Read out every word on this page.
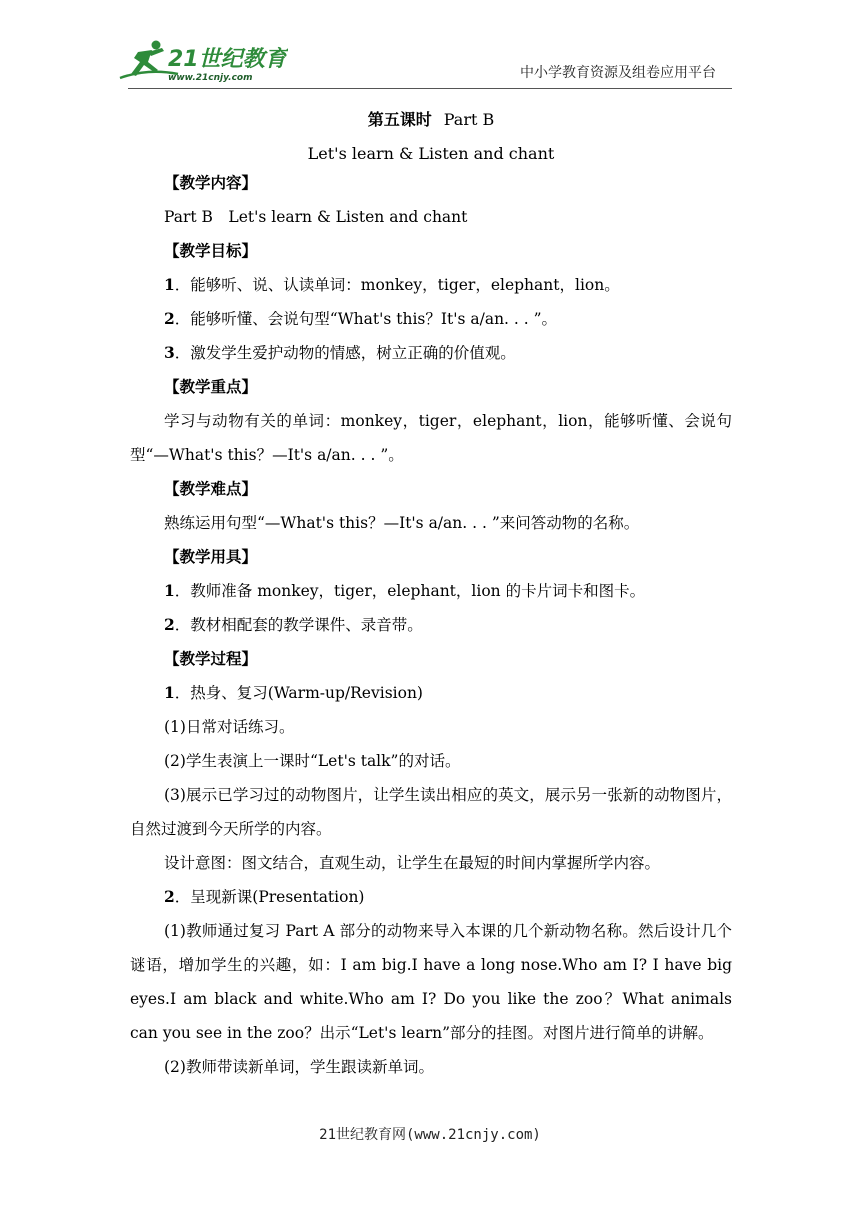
21世纪教育
www.21cnjy.com	中小学教育资源及组卷应用平台
第五课时 Part B
Let's learn & Listen and chant
【教学内容】
Part B　Let's learn & Listen and chant
【教学目标】
1．能够听、说、认读单词：monkey，tiger，elephant，lion。
2．能够听懂、会说句型“What's this？It's a/an. . . ”。
3．激发学生爱护动物的情感，树立正确的价值观。
【教学重点】
学习与动物有关的单词：monkey，tiger，elephant，lion，能够听懂、会说句型“—What's this？—It's a/an. . . ”。
【教学难点】
熟练运用句型“—What's this？—It's a/an. . . ”来问答动物的名称。
【教学用具】
1．教师准备 monkey，tiger，elephant，lion 的卡片词卡和图卡。
2．教材相配套的教学课件、录音带。
【教学过程】
1．热身、复习(Warm-up/Revision)
(1)日常对话练习。
(2)学生表演上一课时“Let's talk”的对话。
(3)展示已学习过的动物图片，让学生读出相应的英文，展示另一张新的动物图片，自然过渡到今天所学的内容。
设计意图：图文结合，直观生动，让学生在最短的时间内掌握所学内容。
2．呈现新课(Presentation)
(1)教师通过复习 Part A 部分的动物来导入本课的几个新动物名称。然后设计几个谜语，增加学生的兴趣，如：I am big.I have a long nose.Who am I? I have big eyes.I am black and white.Who am I? Do you like the zoo？What animals can you see in the zoo？出示“Let's learn”部分的挂图。对图片进行简单的讲解。
(2)教师带读新单词，学生跟读新单词。
21世纪教育网(www.21cnjy.com)
